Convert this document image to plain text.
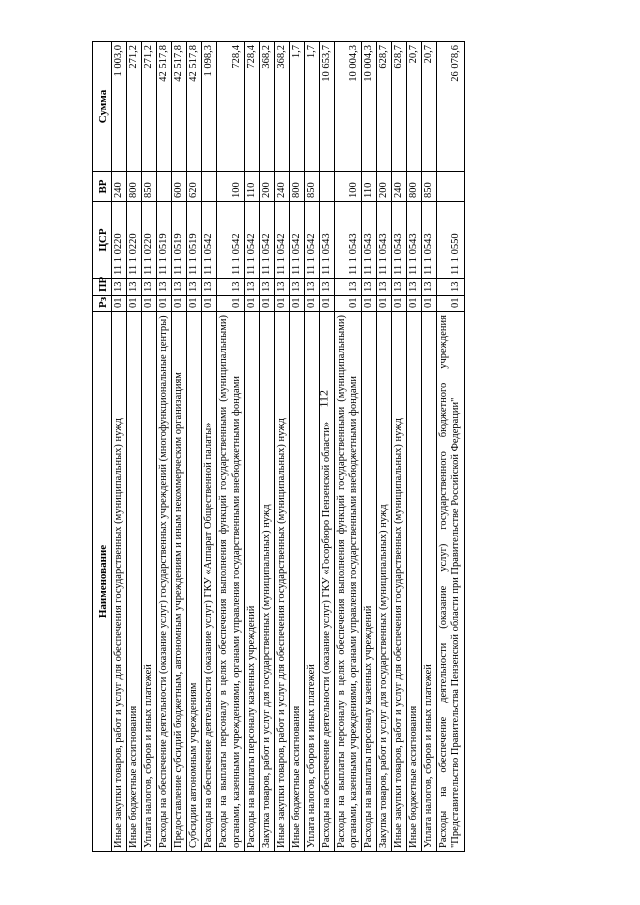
112
Наименование	Рз	ПР	ЦСР	ВР	Сумма
Иные закупки товаров, работ и услуг для обеспечения государственных (муниципальных) нужд	01	13	11 1 0220	240	1 003,0
Иные бюджетные ассигнования	01	13	11 1 0220	800	271,2
Уплата налогов, сборов и иных платежей	01	13	11 1 0220	850	271,2
Расходы на обеспечение деятельности (оказание услуг) государственных учреждений (многофункциональные центры)	01	13	11 1 0519		42 517,8
Предоставление субсидий бюджетным, автономным учреждениям и иным некоммерческим организациям	01	13	11 1 0519	600	42 517,8
Субсидии автономным учреждениям	01	13	11 1 0519	620	42 517,8
Расходы на обеспечение деятельности (оказание услуг) ГКУ «Аппарат Общественной палаты»	01	13	11 1 0542		1 098,3
Расходы на выплаты персоналу в целях обеспечения выполнения функций государственными (муниципальными) органами, казенными учреждениями, органами управления государственными внебюджетными фондами	01	13	11 1 0542	100	728,4
Расходы на выплаты персоналу казенных учреждений	01	13	11 1 0542	110	728,4
Закупка товаров, работ и услуг для государственных (муниципальных) нужд	01	13	11 1 0542	200	368,2
Иные закупки товаров, работ и услуг для обеспечения государственных (муниципальных) нужд	01	13	11 1 0542	240	368,2
Иные бюджетные ассигнования	01	13	11 1 0542	800	1,7
Уплата налогов, сборов и иных платежей	01	13	11 1 0542	850	1,7
Расходы на обеспечение деятельности (оказание услуг) ГКУ «Госорбюро Пензенской области»	01	13	11 1 0543		10 653,7
Расходы на выплаты персоналу в целях обеспечения выполнения функций государственными (муниципальными) органами, казенными учреждениями, органами управления государственными внебюджетными фондами	01	13	11 1 0543	100	10 004,3
Расходы на выплаты персоналу казенных учреждений	01	13	11 1 0543	110	10 004,3
Закупка товаров, работ и услуг для государственных (муниципальных) нужд	01	13	11 1 0543	200	628,7
Иные закупки товаров, работ и услуг для обеспечения государственных (муниципальных) нужд	01	13	11 1 0543	240	628,7
Иные бюджетные ассигнования	01	13	11 1 0543	800	20,7
Уплата налогов, сборов и иных платежей	01	13	11 1 0543	850	20,7
Расходы на обеспечение деятельности (оказание услуг) государственного бюджетного учреждения "Представительство Правительства Пензенской области при Правительстве Российской Федерации"	01	13	11 1 0550		26 078,6
